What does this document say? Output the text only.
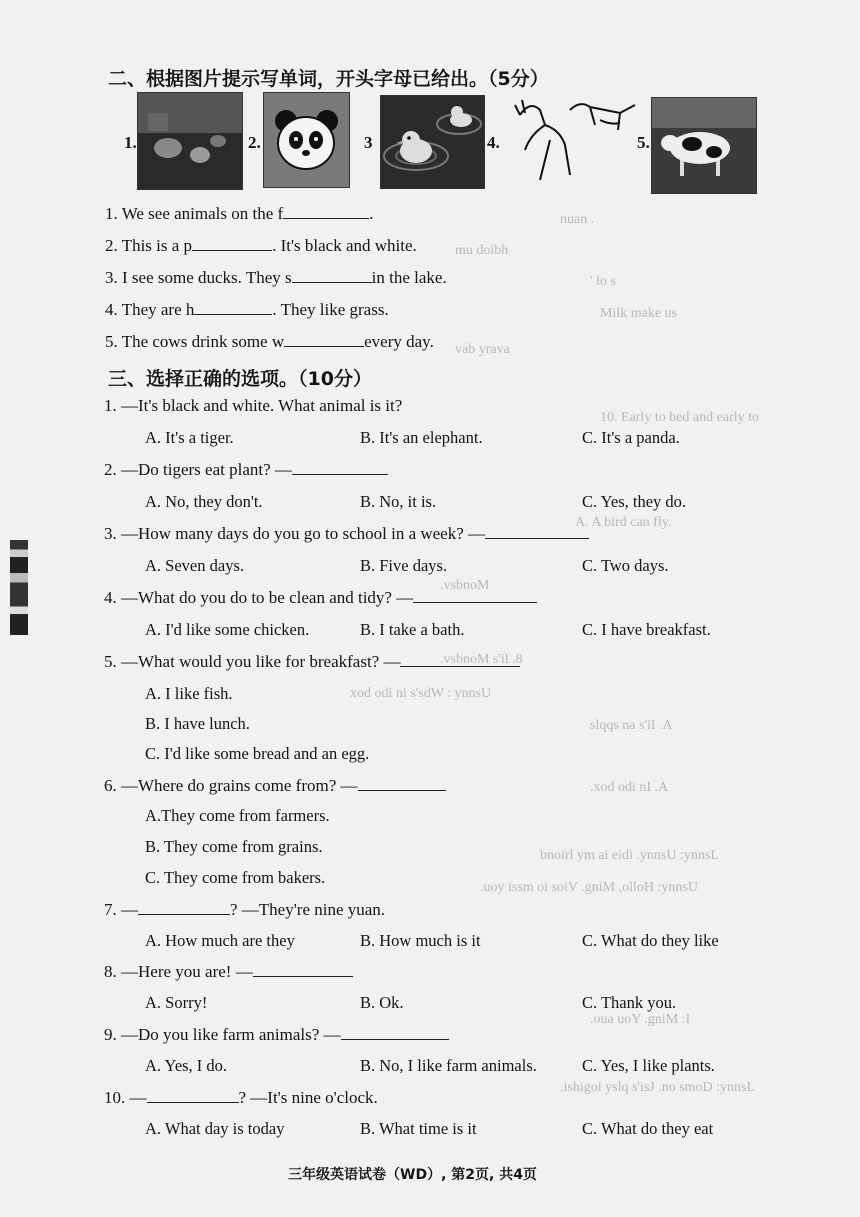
nuan .
mu doibh
' lo s
Milk make us
vab yrava
10. Early to bed and early to
A. A bird can fly.
.vsbnoM
.vsbnoM s'il .8
xod odi ni s'sdW : ynnsU
slqqs na s'iI .A
.xod odi nI .A
bnoirl ym ai eidi .ynnsU :ynnsL
.uoy issm oi soiV .gniM ,olloH :ynnsU
.oua uoY .gniM :I
.ishigoi yslq s'isJ .no smoD :ynnsL
二、根据图片提示写单词，开头字母已给出。（5分）
1.	2.	3	4.	5.
1. We see animals on the f	.
2. This is a p	. It's black and white.
3. I see some ducks. They s	in the lake.
4. They are h	. They like grass.
5. The cows drink some w	every day.
三、选择正确的选项。（10分）
1. —It's black and white. What animal is it?
A. It's a tiger.	B. It's an elephant.	C. It's a panda.
2. —Do tigers eat plant? —
A. No, they don't.	B. No, it is.	C. Yes, they do.
3. —How many days do you go to school in a week? —
A. Seven days.	B. Five days.	C. Two days.
4. —What do you do to be clean and tidy? —
A. I'd like some chicken.	B. I take a bath.	C. I have breakfast.
5. —What would you like for breakfast? —
A. I like fish.
B. I have lunch.
C. I'd like some bread and an egg.
6. —Where do grains come from? —
A.They come from farmers.
B. They come from grains.
C. They come from bakers.
7. —	? —They're nine yuan.
A. How much are they	B. How much is it	C. What do they like
8. —Here you are! —
A. Sorry!	B. Ok.	C. Thank you.
9. —Do you like farm animals? —
A. Yes, I do.	B. No, I like farm animals.	C. Yes, I like plants.
10. —	? —It's nine o'clock.
A. What day is today	B. What time is it	C. What do they eat
三年级英语试卷（WD）, 第2页, 共4页
